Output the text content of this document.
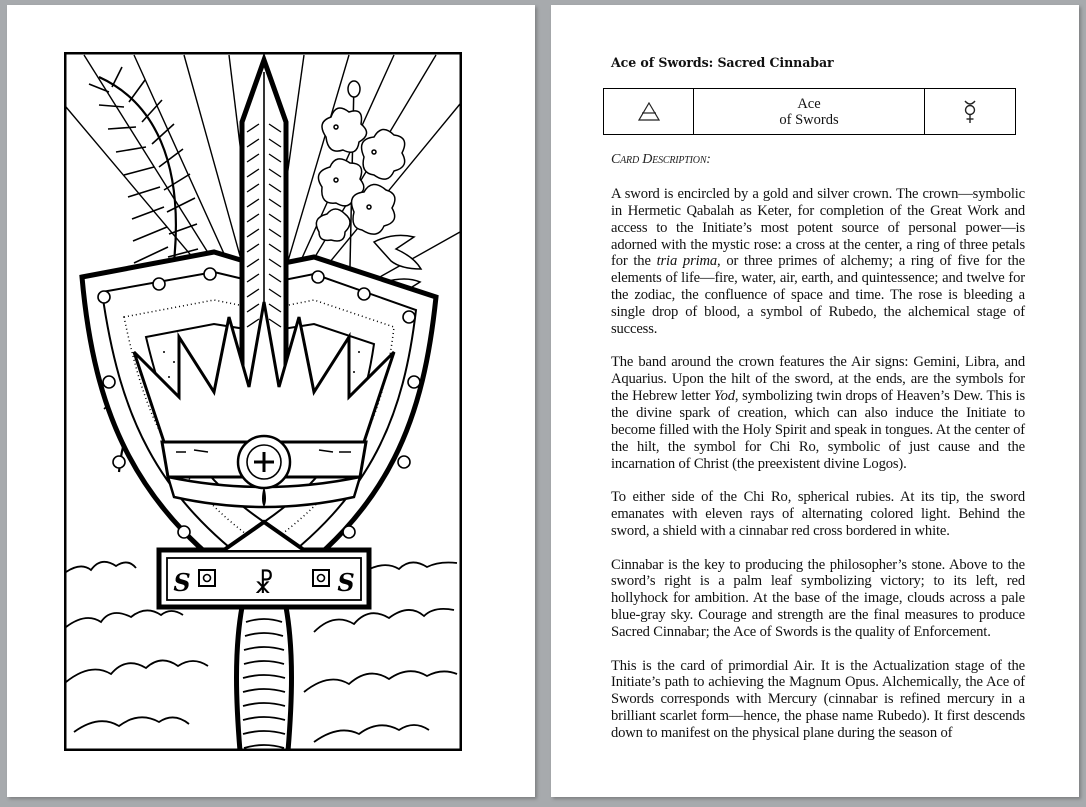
S	S
☧
Ace of Swords: Sacred Cinnabar
Ace
of Swords
Card Description:

A sword is encircled by a gold and silver crown. The crown—symbolic in Hermetic Qabalah as Keter, for completion of the Great Work and access to the Initiate’s most potent source of personal power—is adorned with the mystic rose: a cross at the center, a ring of three petals for the tria prima, or three primes of alchemy; a ring of five for the elements of life—fire, water, air, earth, and quintessence; and twelve for the zodiac, the confluence of space and time. The rose is bleeding a single drop of blood, a symbol of Rubedo, the alchemical stage of success.

The band around the crown features the Air signs: Gemini, Libra, and Aquarius. Upon the hilt of the sword, at the ends, are the symbols for the Hebrew letter Yod, symbolizing twin drops of Heaven’s Dew. This is the divine spark of creation, which can also induce the Initiate to become filled with the Holy Spirit and speak in tongues. At the center of the hilt, the symbol for Chi Ro, symbolic of just cause and the incarnation of Christ (the preexistent divine Logos).

To either side of the Chi Ro, spherical rubies. At its tip, the sword emanates with eleven rays of alternating colored light. Behind the sword, a shield with a cinnabar red cross bordered in white.

Cinnabar is the key to producing the philosopher’s stone. Above to the sword’s right is a palm leaf symbolizing victory; to its left, red hollyhock for ambition. At the base of the image, clouds across a pale blue-gray sky. Courage and strength are the final measures to produce Sacred Cinnabar; the Ace of Swords is the quality of Enforcement.

This is the card of primordial Air. It is the Actualization stage of the Initiate’s path to achieving the Magnum Opus. Alchemically, the Ace of Swords corresponds with Mercury (cinnabar is refined mercury in a brilliant scarlet form—hence, the phase name Rubedo). It first descends down to manifest on the physical plane during the season of
